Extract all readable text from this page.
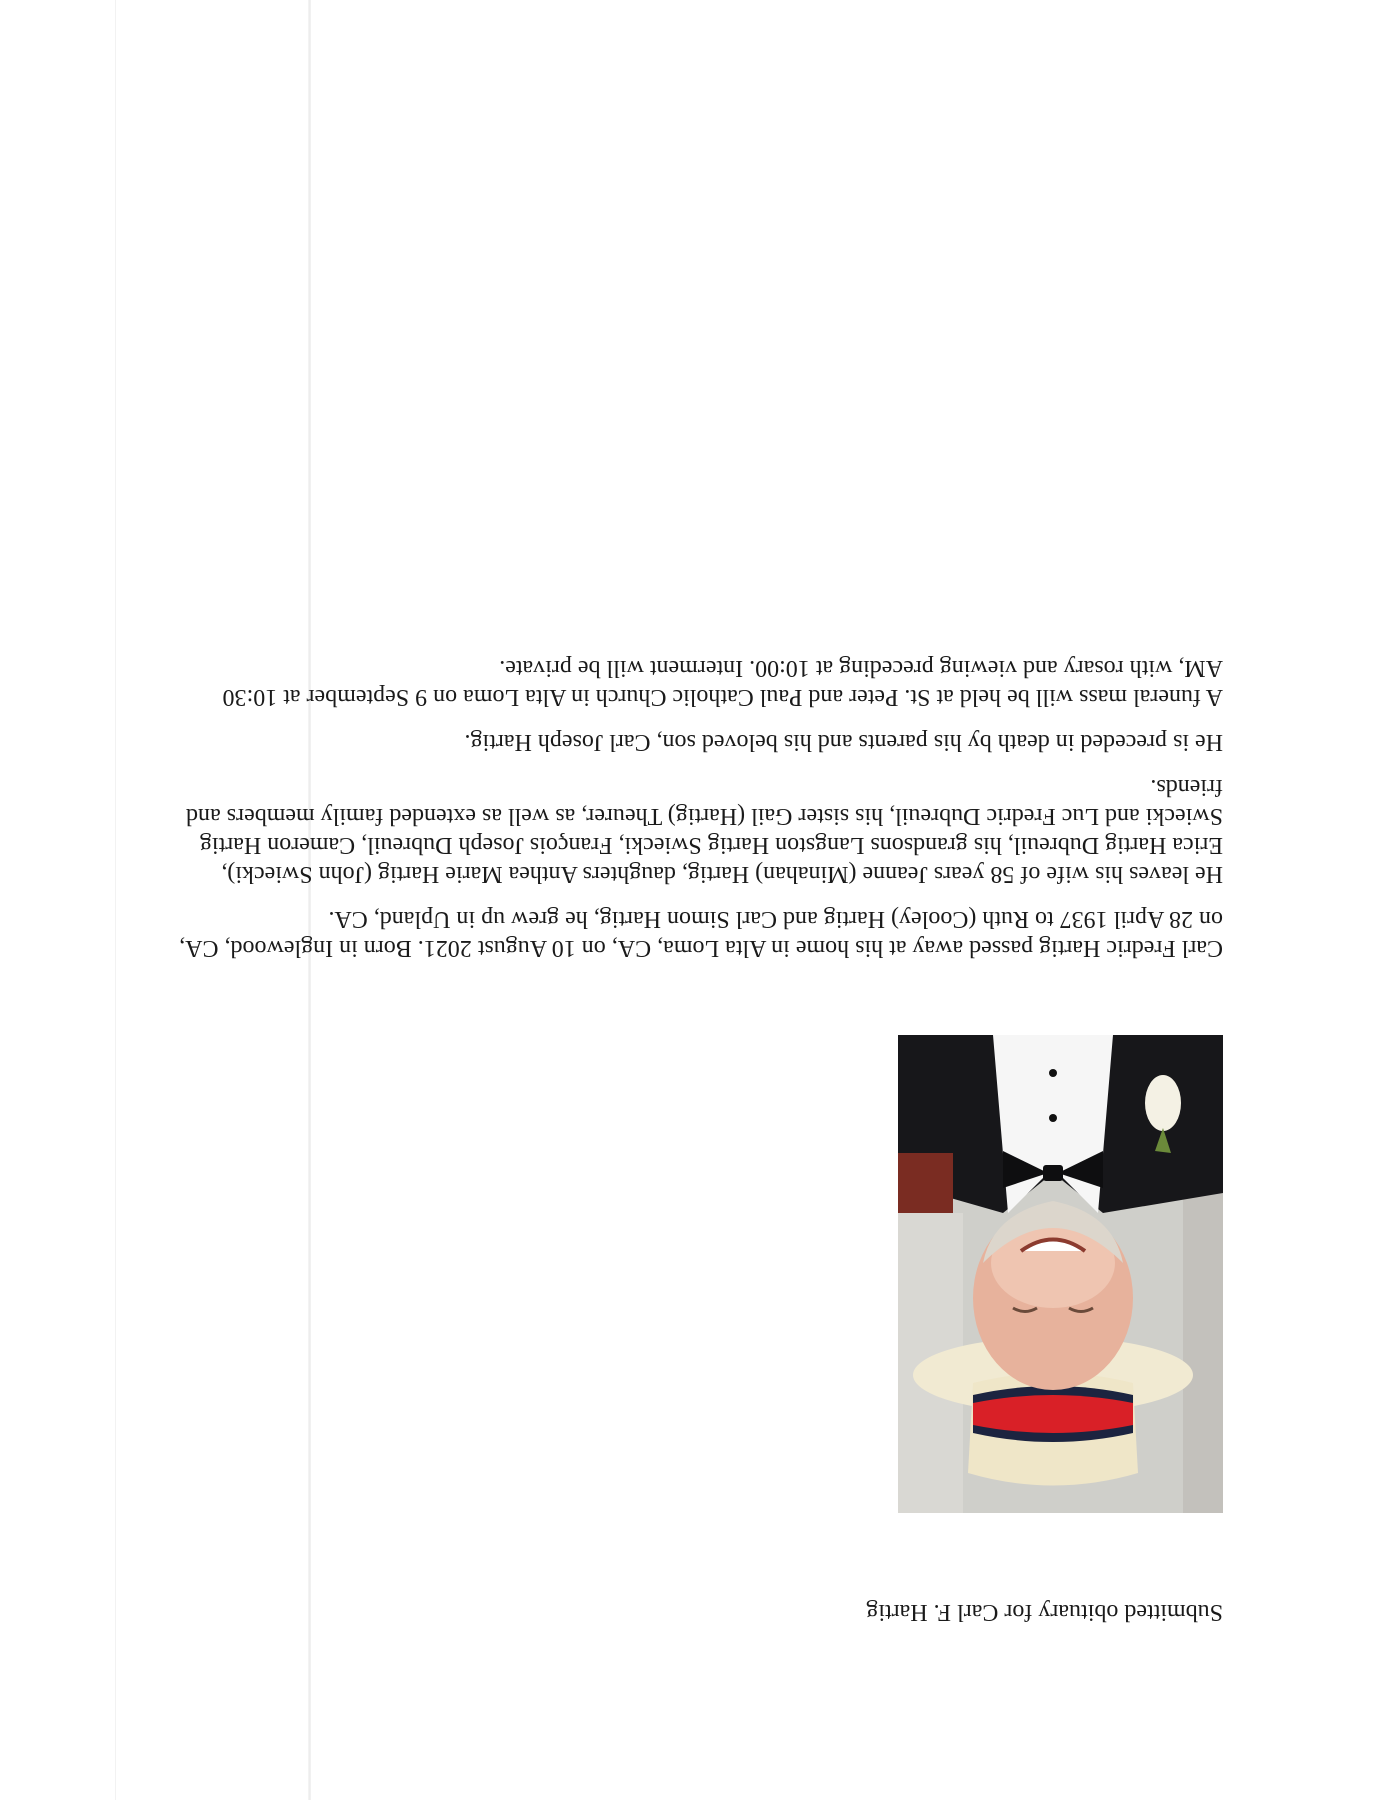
Submitted obituary for Carl F. Hartig

Carl Fredric Hartig passed away at his home in Alta Loma, CA, on 10 August 2021. Born in Inglewood, CA, on 28 April 1937 to Ruth (Cooley) Hartig and Carl Simon Hartig, he grew up in Upland, CA.

He leaves his wife of 58 years Jeanne (Minahan) Hartig, daughters Anthea Marie Hartig (John Swiecki), Erica Hartig Dubreuil, his grandsons Langston Hartig Swiecki, François Joseph Dubreuil, Cameron Hartig Swiecki and Luc Fredric Dubreuil, his sister Gail (Hartig) Theurer, as well as extended family members and friends.

He is preceded in death by his parents and his beloved son, Carl Joseph Hartig.

A funeral mass will be held at St. Peter and Paul Catholic Church in Alta Loma on 9 September at 10:30 AM, with rosary and viewing preceding at 10:00. Interment will be private.
